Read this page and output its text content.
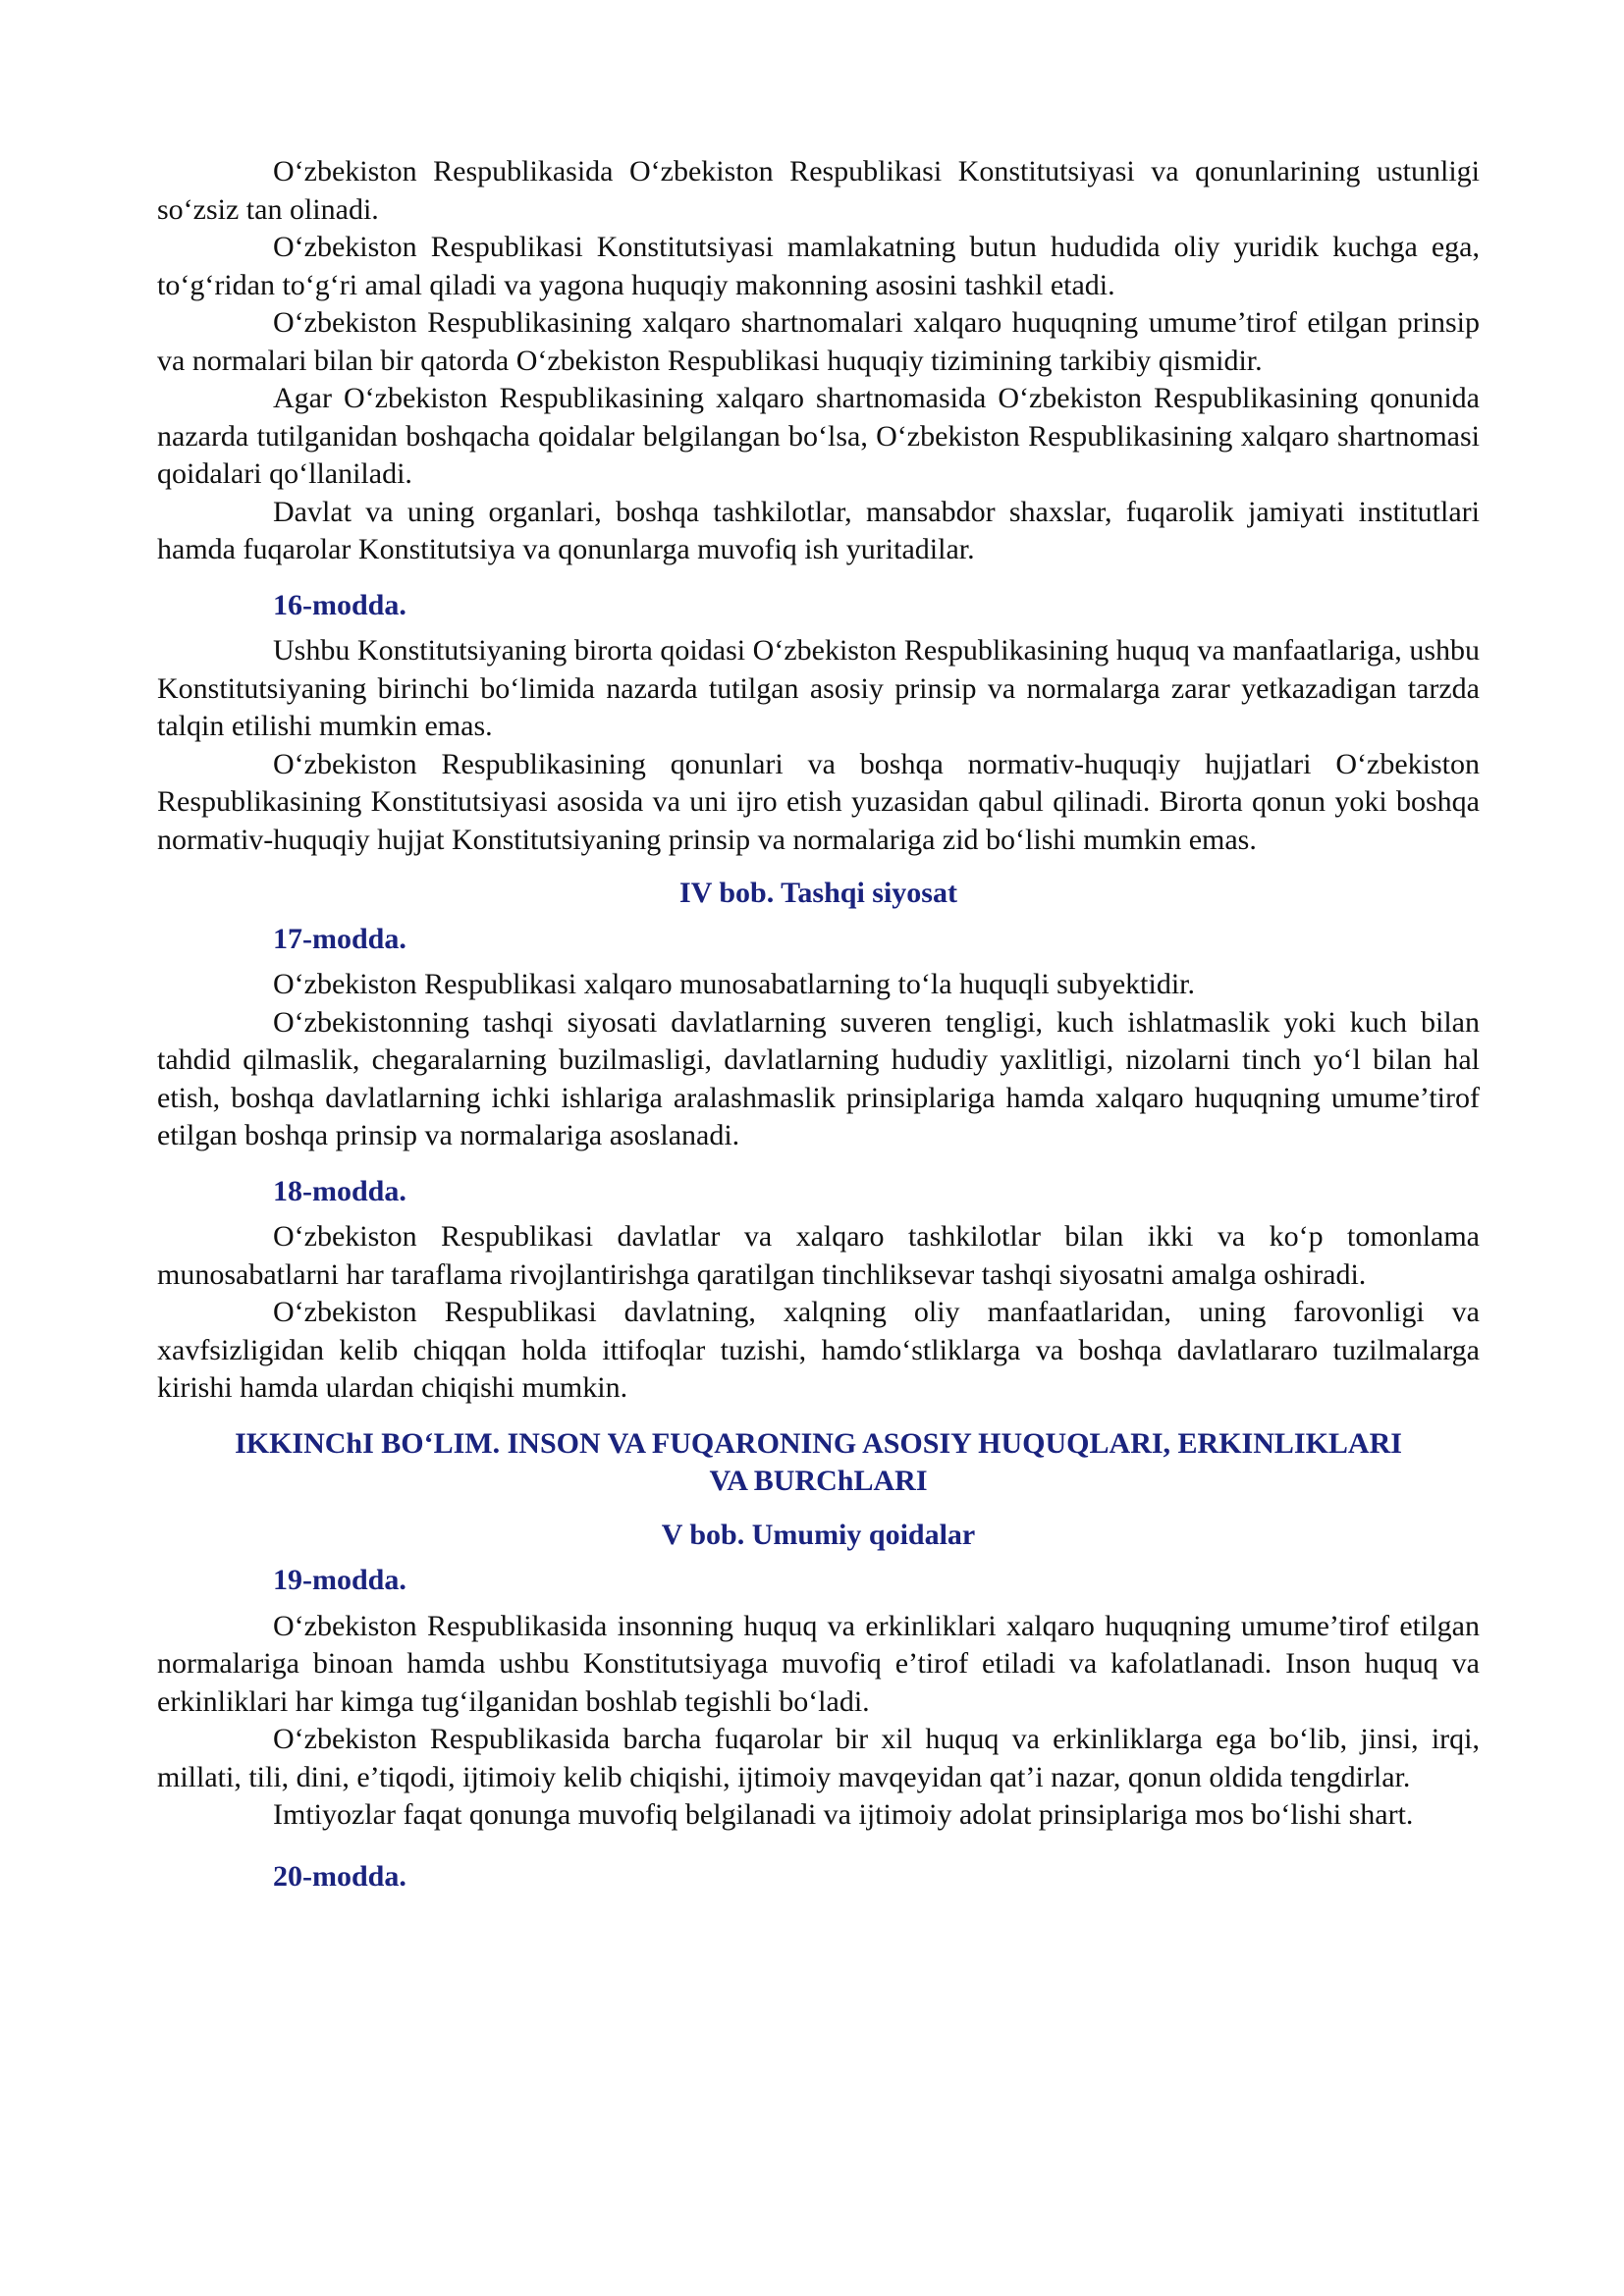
O‘zbekiston Respublikasida O‘zbekiston Respublikasi Konstitutsiyasi va qonunlarining ustunligi so‘zsiz tan olinadi.

O‘zbekiston Respublikasi Konstitutsiyasi mamlakatning butun hududida oliy yuridik kuchga ega, to‘g‘ridan to‘g‘ri amal qiladi va yagona huquqiy makonning asosini tashkil etadi.

O‘zbekiston Respublikasining xalqaro shartnomalari xalqaro huquqning umume’tirof etilgan prinsip va normalari bilan bir qatorda O‘zbekiston Respublikasi huquqiy tizimining tarkibiy qismidir.

Agar O‘zbekiston Respublikasining xalqaro shartnomasida O‘zbekiston Respublikasining qonunida nazarda tutilganidan boshqacha qoidalar belgilangan bo‘lsa, O‘zbekiston Respublikasining xalqaro shartnomasi qoidalari qo‘llaniladi.

Davlat va uning organlari, boshqa tashkilotlar, mansabdor shaxslar, fuqarolik jamiyati institutlari hamda fuqarolar Konstitutsiya va qonunlarga muvofiq ish yuritadilar.

16-modda.

Ushbu Konstitutsiyaning birorta qoidasi O‘zbekiston Respublikasining huquq va manfaatlariga, ushbu Konstitutsiyaning birinchi bo‘limida nazarda tutilgan asosiy prinsip va normalarga zarar yetkazadigan tarzda talqin etilishi mumkin emas.

O‘zbekiston Respublikasining qonunlari va boshqa normativ-huquqiy hujjatlari O‘zbekiston Respublikasining Konstitutsiyasi asosida va uni ijro etish yuzasidan qabul qilinadi. Birorta qonun yoki boshqa normativ-huquqiy hujjat Konstitutsiyaning prinsip va normalariga zid bo‘lishi mumkin emas.

IV bob. Tashqi siyosat
17-modda.

O‘zbekiston Respublikasi xalqaro munosabatlarning to‘la huquqli subyektidir.

O‘zbekistonning tashqi siyosati davlatlarning suveren tengligi, kuch ishlatmaslik yoki kuch bilan tahdid qilmaslik, chegaralarning buzilmasligi, davlatlarning hududiy yaxlitligi, nizolarni tinch yo‘l bilan hal etish, boshqa davlatlarning ichki ishlariga aralashmaslik prinsiplariga hamda xalqaro huquqning umume’tirof etilgan boshqa prinsip va normalariga asoslanadi.

18-modda.

O‘zbekiston Respublikasi davlatlar va xalqaro tashkilotlar bilan ikki va ko‘p tomonlama munosabatlarni har taraflama rivojlantirishga qaratilgan tinchliksevar tashqi siyosatni amalga oshiradi.

O‘zbekiston Respublikasi davlatning, xalqning oliy manfaatlaridan, uning farovonligi va xavfsizligidan kelib chiqqan holda ittifoqlar tuzishi, hamdo‘stliklarga va boshqa davlatlararo tuzilmalarga kirishi hamda ulardan chiqishi mumkin.

IKKINChI BO‘LIM. INSON VA FUQARONING ASOSIY HUQUQLARI, ERKINLIKLARI
VA BURChLARI
V bob. Umumiy qoidalar
19-modda.

O‘zbekiston Respublikasida insonning huquq va erkinliklari xalqaro huquqning umume’tirof etilgan normalariga binoan hamda ushbu Konstitutsiyaga muvofiq e’tirof etiladi va kafolatlanadi. Inson huquq va erkinliklari har kimga tug‘ilganidan boshlab tegishli bo‘ladi.

O‘zbekiston Respublikasida barcha fuqarolar bir xil huquq va erkinliklarga ega bo‘lib, jinsi, irqi, millati, tili, dini, e’tiqodi, ijtimoiy kelib chiqishi, ijtimoiy mavqeyidan qat’i nazar, qonun oldida tengdirlar.

Imtiyozlar faqat qonunga muvofiq belgilanadi va ijtimoiy adolat prinsiplariga mos bo‘lishi shart.

20-modda.
